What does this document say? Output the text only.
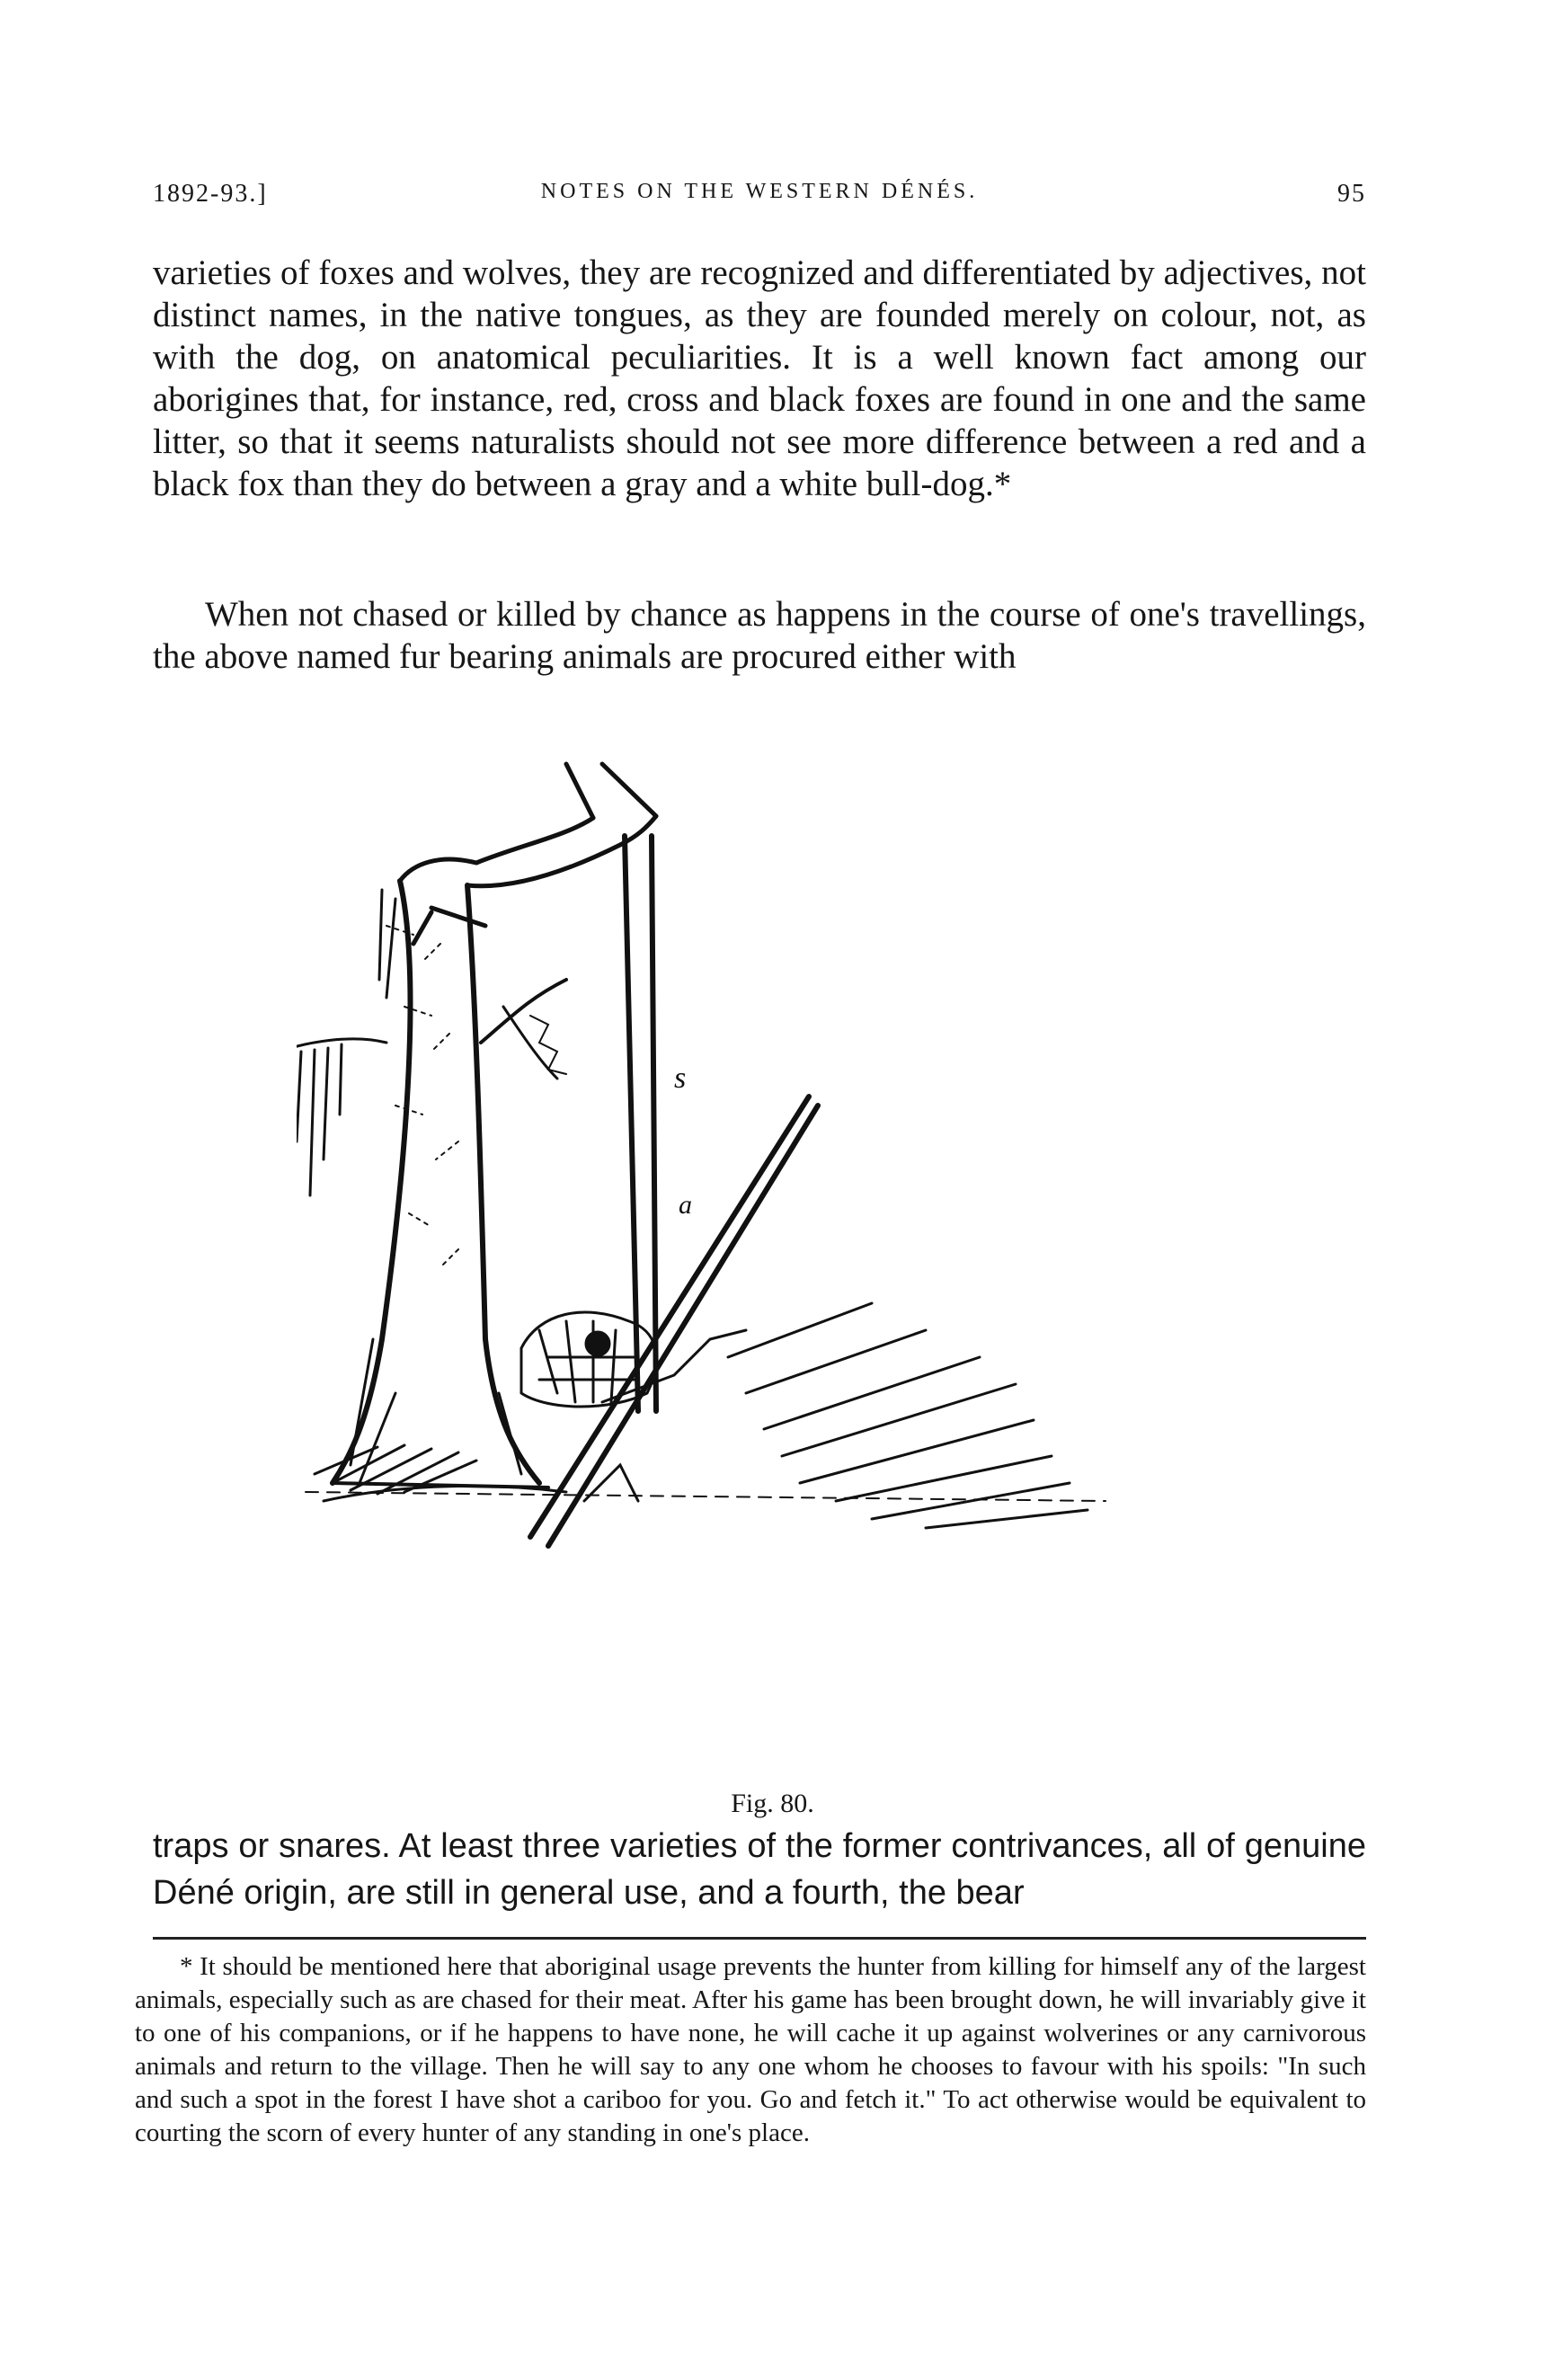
1892-93.]	NOTES ON THE WESTERN DÉNÉS.	95

varieties of foxes and wolves, they are recognized and differentiated by adjectives, not distinct names, in the native tongues, as they are founded merely on colour, not, as with the dog, on anatomical peculiarities. It is a well known fact among our aborigines that, for instance, red, cross and black foxes are found in one and the same litter, so that it seems naturalists should not see more difference between a red and a black fox than they do between a gray and a white bull-dog.*

When not chased or killed by chance as happens in the course of one's travellings, the above named fur bearing animals are procured either with

s
a
Fig. 80.

traps or snares. At least three varieties of the former contrivances, all of genuine Déné origin, are still in general use, and a fourth, the bear

* It should be mentioned here that aboriginal usage prevents the hunter from killing for himself any of the largest animals, especially such as are chased for their meat. After his game has been brought down, he will invariably give it to one of his companions, or if he happens to have none, he will cache it up against wolverines or any carnivorous animals and return to the village. Then he will say to any one whom he chooses to favour with his spoils: "In such and such a spot in the forest I have shot a cariboo for you. Go and fetch it." To act otherwise would be equivalent to courting the scorn of every hunter of any standing in one's place.
